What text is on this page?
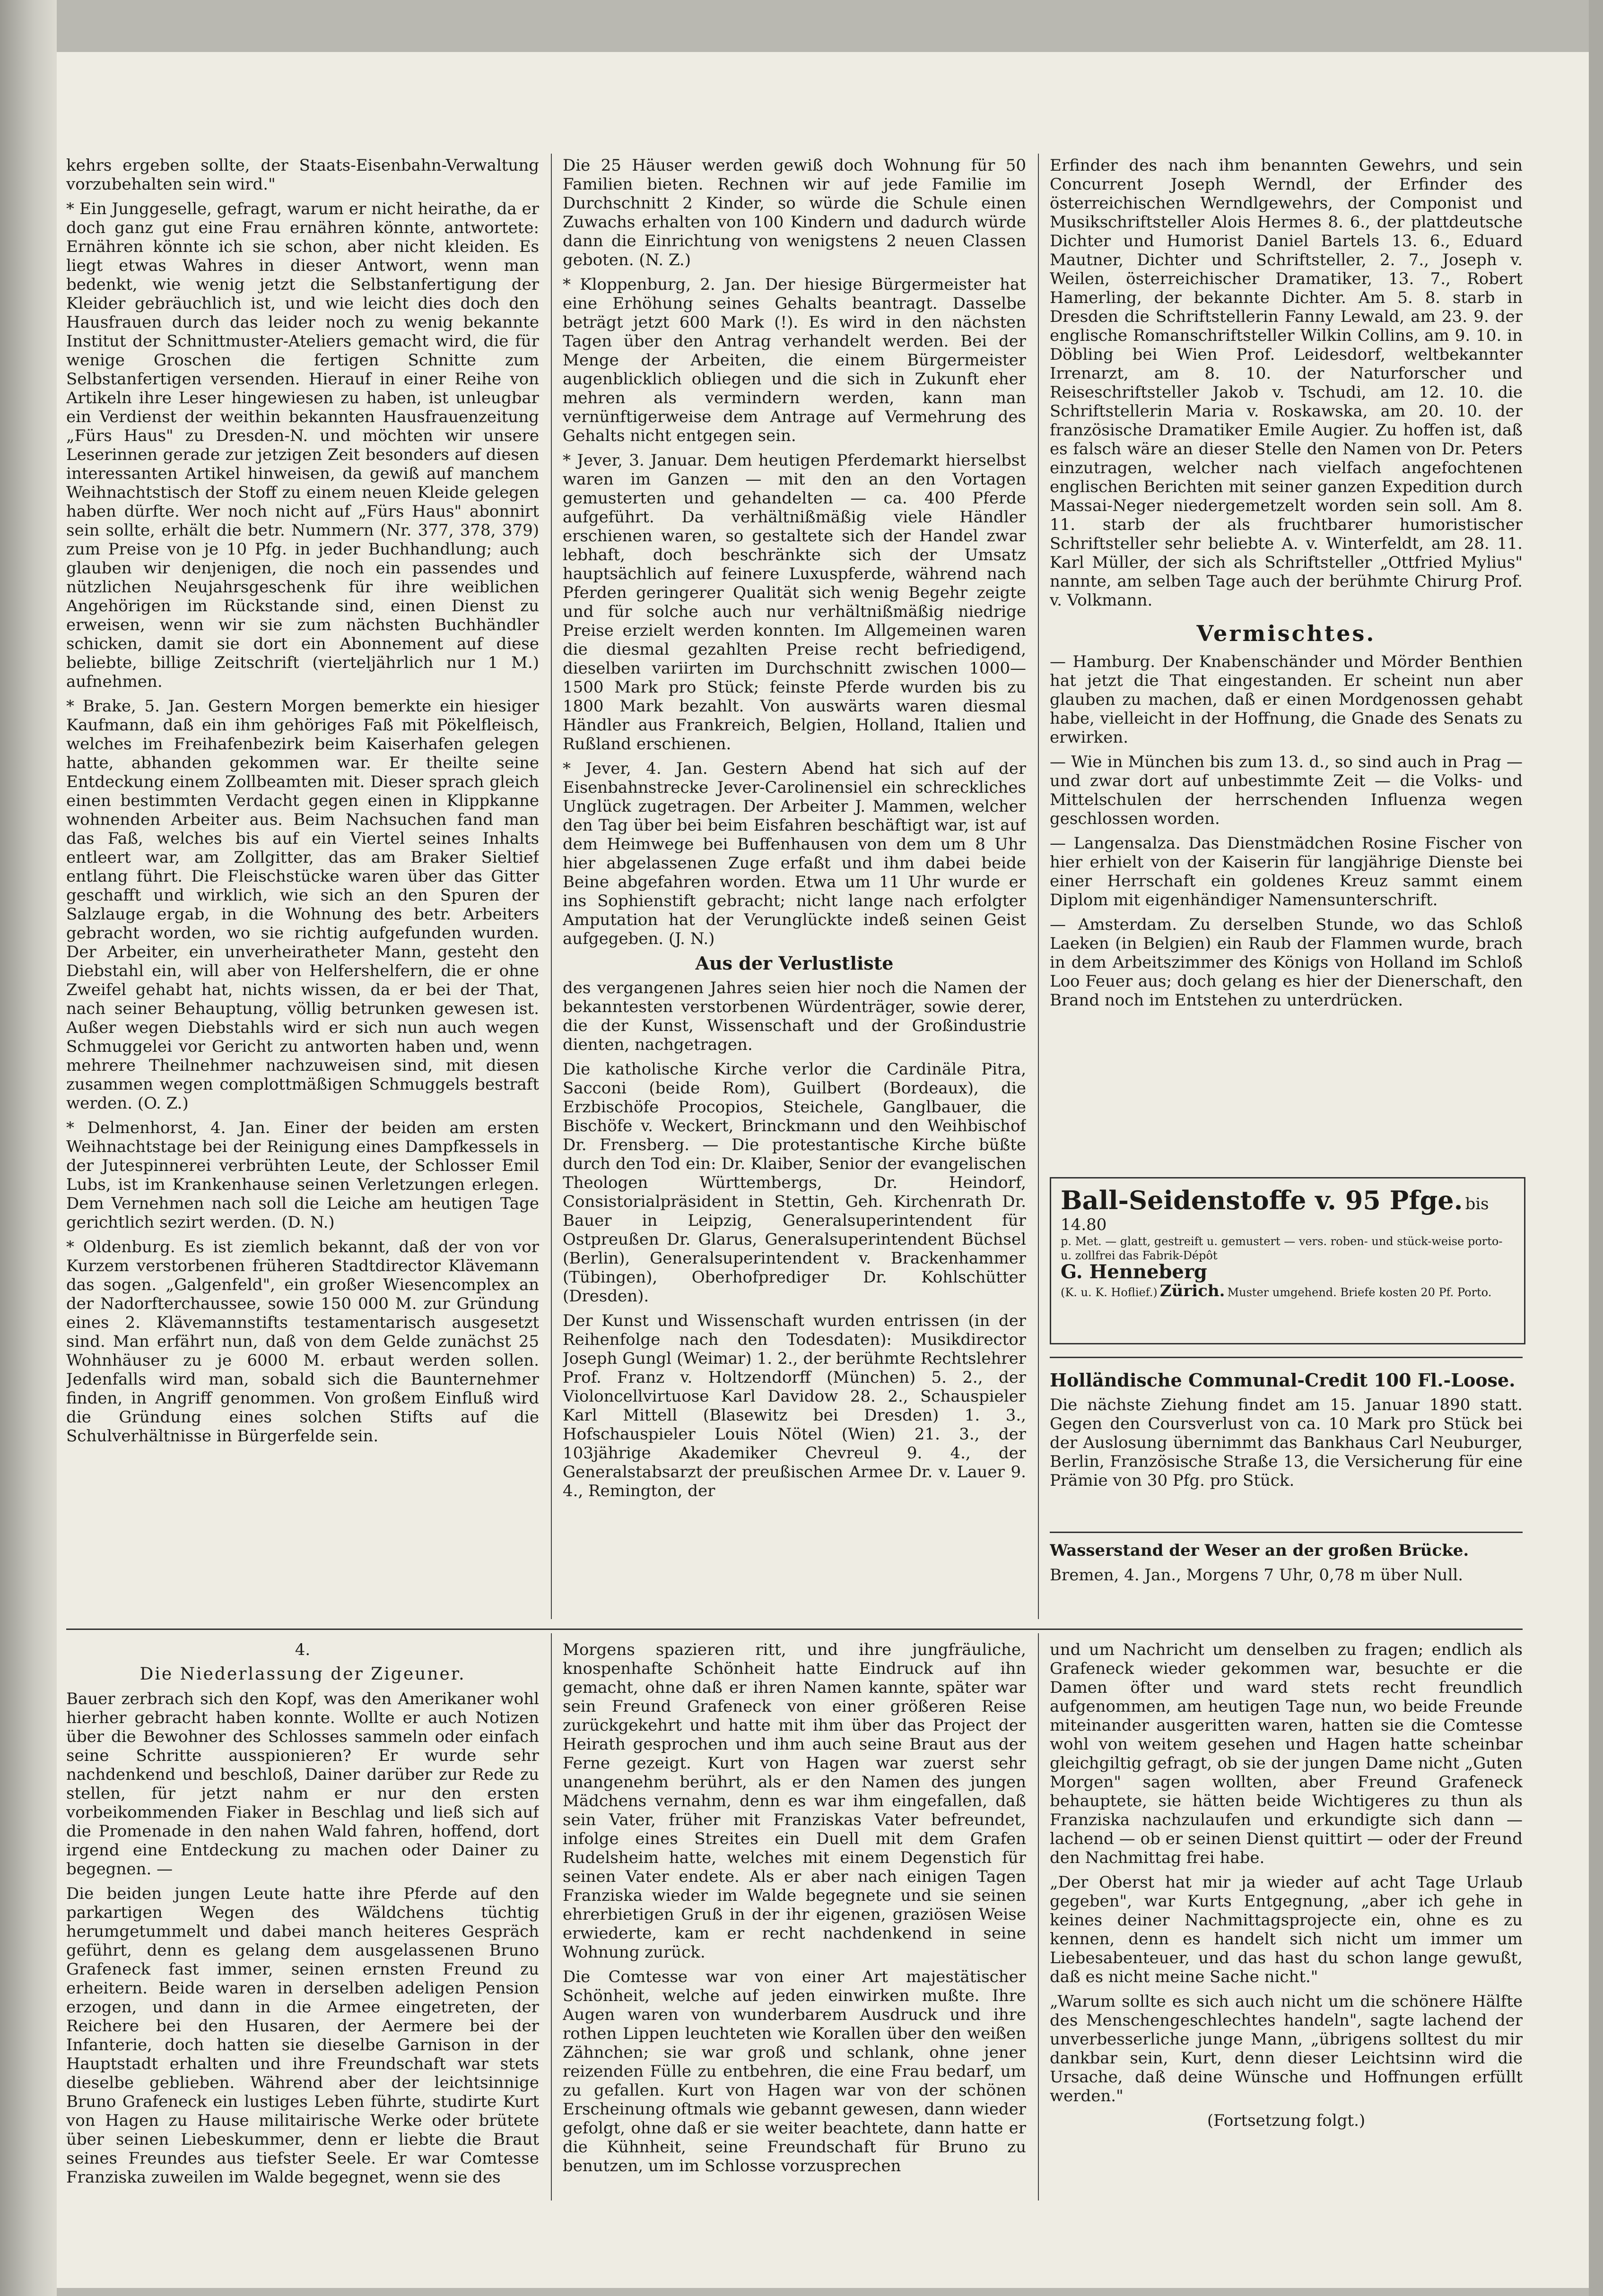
kehrs ergeben sollte, der Staats-Eisenbahn-Verwaltung vorzubehalten sein wird."

* Ein Junggeselle, gefragt, warum er nicht heirathe, da er doch ganz gut eine Frau ernähren könnte, antwortete: Ernähren könnte ich sie schon, aber nicht kleiden. Es liegt etwas Wahres in dieser Antwort, wenn man bedenkt, wie wenig jetzt die Selbstanfertigung der Kleider gebräuchlich ist, und wie leicht dies doch den Hausfrauen durch das leider noch zu wenig bekannte Institut der Schnittmuster-Ateliers gemacht wird, die für wenige Groschen die fertigen Schnitte zum Selbstanfertigen versenden. Hierauf in einer Reihe von Artikeln ihre Leser hingewiesen zu haben, ist unleugbar ein Verdienst der weithin bekannten Hausfrauenzeitung „Fürs Haus" zu Dresden-N. und möchten wir unsere Leserinnen gerade zur jetzigen Zeit besonders auf diesen interessanten Artikel hinweisen, da gewiß auf manchem Weihnachtstisch der Stoff zu einem neuen Kleide gelegen haben dürfte. Wer noch nicht auf „Fürs Haus" abonnirt sein sollte, erhält die betr. Nummern (Nr. 377, 378, 379) zum Preise von je 10 Pfg. in jeder Buchhandlung; auch glauben wir denjenigen, die noch ein passendes und nützlichen Neujahrsgeschenk für ihre weiblichen Angehörigen im Rückstande sind, einen Dienst zu erweisen, wenn wir sie zum nächsten Buchhändler schicken, damit sie dort ein Abonnement auf diese beliebte, billige Zeitschrift (vierteljährlich nur 1 M.) aufnehmen.

* Brake, 5. Jan. Gestern Morgen bemerkte ein hiesiger Kaufmann, daß ein ihm gehöriges Faß mit Pökelfleisch, welches im Freihafenbezirk beim Kaiserhafen gelegen hatte, abhanden gekommen war. Er theilte seine Entdeckung einem Zollbeamten mit. Dieser sprach gleich einen bestimmten Verdacht gegen einen in Klippkanne wohnenden Arbeiter aus. Beim Nachsuchen fand man das Faß, welches bis auf ein Viertel seines Inhalts entleert war, am Zollgitter, das am Braker Sieltief entlang führt. Die Fleischstücke waren über das Gitter geschafft und wirklich, wie sich an den Spuren der Salzlauge ergab, in die Wohnung des betr. Arbeiters gebracht worden, wo sie richtig aufgefunden wurden. Der Arbeiter, ein unverheiratheter Mann, gesteht den Diebstahl ein, will aber von Helfershelfern, die er ohne Zweifel gehabt hat, nichts wissen, da er bei der That, nach seiner Behauptung, völlig betrunken gewesen ist. Außer wegen Diebstahls wird er sich nun auch wegen Schmuggelei vor Gericht zu antworten haben und, wenn mehrere Theilnehmer nachzuweisen sind, mit diesen zusammen wegen complottmäßigen Schmuggels bestraft werden. (O. Z.)

* Delmenhorst, 4. Jan. Einer der beiden am ersten Weihnachtstage bei der Reinigung eines Dampfkessels in der Jutespinnerei verbrühten Leute, der Schlosser Emil Lubs, ist im Krankenhause seinen Verletzungen erlegen. Dem Vernehmen nach soll die Leiche am heutigen Tage gerichtlich sezirt werden. (D. N.)

* Oldenburg. Es ist ziemlich bekannt, daß der von vor Kurzem verstorbenen früheren Stadtdirector Klävemann das sogen. „Galgenfeld", ein großer Wiesencomplex an der Nadorfterchaussee, sowie 150 000 M. zur Gründung eines 2. Klävemannstifts testamentarisch ausgesetzt sind. Man erfährt nun, daß von dem Gelde zunächst 25 Wohnhäuser zu je 6000 M. erbaut werden sollen. Jedenfalls wird man, sobald sich die Baunternehmer finden, in Angriff genommen. Von großem Einfluß wird die Gründung eines solchen Stifts auf die Schulverhältnisse in Bürgerfelde sein.

Die 25 Häuser werden gewiß doch Wohnung für 50 Familien bieten. Rechnen wir auf jede Familie im Durchschnitt 2 Kinder, so würde die Schule einen Zuwachs erhalten von 100 Kindern und dadurch würde dann die Einrichtung von wenigstens 2 neuen Classen geboten. (N. Z.)

* Kloppenburg, 2. Jan. Der hiesige Bürgermeister hat eine Erhöhung seines Gehalts beantragt. Dasselbe beträgt jetzt 600 Mark (!). Es wird in den nächsten Tagen über den Antrag verhandelt werden. Bei der Menge der Arbeiten, die einem Bürgermeister augenblicklich obliegen und die sich in Zukunft eher mehren als vermindern werden, kann man vernünftigerweise dem Antrage auf Vermehrung des Gehalts nicht entgegen sein.

* Jever, 3. Januar. Dem heutigen Pferdemarkt hierselbst waren im Ganzen — mit den an den Vortagen gemusterten und gehandelten — ca. 400 Pferde aufgeführt. Da verhältnißmäßig viele Händler erschienen waren, so gestaltete sich der Handel zwar lebhaft, doch beschränkte sich der Umsatz hauptsächlich auf feinere Luxuspferde, während nach Pferden geringerer Qualität sich wenig Begehr zeigte und für solche auch nur verhältnißmäßig niedrige Preise erzielt werden konnten. Im Allgemeinen waren die diesmal gezahlten Preise recht befriedigend, dieselben variirten im Durchschnitt zwischen 1000—1500 Mark pro Stück; feinste Pferde wurden bis zu 1800 Mark bezahlt. Von auswärts waren diesmal Händler aus Frankreich, Belgien, Holland, Italien und Rußland erschienen.

* Jever, 4. Jan. Gestern Abend hat sich auf der Eisenbahnstrecke Jever-Carolinensiel ein schreckliches Unglück zugetragen. Der Arbeiter J. Mammen, welcher den Tag über bei beim Eisfahren beschäftigt war, ist auf dem Heimwege bei Buffenhausen von dem um 8 Uhr hier abgelassenen Zuge erfaßt und ihm dabei beide Beine abgefahren worden. Etwa um 11 Uhr wurde er ins Sophienstift gebracht; nicht lange nach erfolgter Amputation hat der Verunglückte indeß seinen Geist aufgegeben. (J. N.)

Aus der Verlustliste

des vergangenen Jahres seien hier noch die Namen der bekanntesten verstorbenen Würdenträger, sowie derer, die der Kunst, Wissenschaft und der Großindustrie dienten, nachgetragen.

Die katholische Kirche verlor die Cardinäle Pitra, Sacconi (beide Rom), Guilbert (Bordeaux), die Erzbischöfe Procopios, Steichele, Ganglbauer, die Bischöfe v. Weckert, Brinckmann und den Weihbischof Dr. Frensberg. — Die protestantische Kirche büßte durch den Tod ein: Dr. Klaiber, Senior der evangelischen Theologen Württembergs, Dr. Heindorf, Consistorialpräsident in Stettin, Geh. Kirchenrath Dr. Bauer in Leipzig, Generalsuperintendent für Ostpreußen Dr. Glarus, Generalsuperintendent Büchsel (Berlin), Generalsuperintendent v. Brackenhammer (Tübingen), Oberhofprediger Dr. Kohlschütter (Dresden).

Der Kunst und Wissenschaft wurden entrissen (in der Reihenfolge nach den Todesdaten): Musikdirector Joseph Gungl (Weimar) 1. 2., der berühmte Rechtslehrer Prof. Franz v. Holtzendorff (München) 5. 2., der Violoncellvirtuose Karl Davidow 28. 2., Schauspieler Karl Mittell (Blasewitz bei Dresden) 1. 3., Hofschauspieler Louis Nötel (Wien) 21. 3., der 103jährige Akademiker Chevreul 9. 4., der Generalstabsarzt der preußischen Armee Dr. v. Lauer 9. 4., Remington, der

Erfinder des nach ihm benannten Gewehrs, und sein Concurrent Joseph Werndl, der Erfinder des österreichischen Werndlgewehrs, der Componist und Musikschriftsteller Alois Hermes 8. 6., der plattdeutsche Dichter und Humorist Daniel Bartels 13. 6., Eduard Mautner, Dichter und Schriftsteller, 2. 7., Joseph v. Weilen, österreichischer Dramatiker, 13. 7., Robert Hamerling, der bekannte Dichter. Am 5. 8. starb in Dresden die Schriftstellerin Fanny Lewald, am 23. 9. der englische Romanschriftsteller Wilkin Collins, am 9. 10. in Döbling bei Wien Prof. Leidesdorf, weltbekannter Irrenarzt, am 8. 10. der Naturforscher und Reiseschriftsteller Jakob v. Tschudi, am 12. 10. die Schriftstellerin Maria v. Roskawska, am 20. 10. der französische Dramatiker Emile Augier. Zu hoffen ist, daß es falsch wäre an dieser Stelle den Namen von Dr. Peters einzutragen, welcher nach vielfach angefochtenen englischen Berichten mit seiner ganzen Expedition durch Massai-Neger niedergemetzelt worden sein soll. Am 8. 11. starb der als fruchtbarer humoristischer Schriftsteller sehr beliebte A. v. Winterfeldt, am 28. 11. Karl Müller, der sich als Schriftsteller „Ottfried Mylius" nannte, am selben Tage auch der berühmte Chirurg Prof. v. Volkmann.

Vermischtes.

— Hamburg. Der Knabenschänder und Mörder Benthien hat jetzt die That eingestanden. Er scheint nun aber glauben zu machen, daß er einen Mordgenossen gehabt habe, vielleicht in der Hoffnung, die Gnade des Senats zu erwirken.

— Wie in München bis zum 13. d., so sind auch in Prag — und zwar dort auf unbestimmte Zeit — die Volks- und Mittelschulen der herrschenden Influenza wegen geschlossen worden.

— Langensalza. Das Dienstmädchen Rosine Fischer von hier erhielt von der Kaiserin für langjährige Dienste bei einer Herrschaft ein goldenes Kreuz sammt einem Diplom mit eigenhändiger Namensunterschrift.

— Amsterdam. Zu derselben Stunde, wo das Schloß Laeken (in Belgien) ein Raub der Flammen wurde, brach in dem Arbeitszimmer des Königs von Holland im Schloß Loo Feuer aus; doch gelang es hier der Dienerschaft, den Brand noch im Entstehen zu unterdrücken.

Ball-Seidenstoffe v. 95 Pfge. bis 14.80
p. Met. — glatt, gestreift u. gemustert — vers. roben- und stück-weise porto- u. zollfrei das Fabrik-Dépôt
G. Henneberg
(K. u. K. Hoflief.) Zürich. Muster umgehend. Briefe kosten 20 Pf. Porto.

Holländische Communal-Credit 100 Fl.-Loose.

Die nächste Ziehung findet am 15. Januar 1890 statt. Gegen den Coursverlust von ca. 10 Mark pro Stück bei der Auslosung übernimmt das Bankhaus Carl Neuburger, Berlin, Französische Straße 13, die Versicherung für eine Prämie von 30 Pfg. pro Stück.

Wasserstand der Weser an der großen Brücke.

Bremen, 4. Jan., Morgens 7 Uhr, 0,78 m über Null.

4.

Die Niederlassung der Zigeuner.

Bauer zerbrach sich den Kopf, was den Amerikaner wohl hierher gebracht haben konnte. Wollte er auch Notizen über die Bewohner des Schlosses sammeln oder einfach seine Schritte ausspionieren? Er wurde sehr nachdenkend und beschloß, Dainer darüber zur Rede zu stellen, für jetzt nahm er nur den ersten vorbeikommenden Fiaker in Beschlag und ließ sich auf die Promenade in den nahen Wald fahren, hoffend, dort irgend eine Entdeckung zu machen oder Dainer zu begegnen. —

Die beiden jungen Leute hatte ihre Pferde auf den parkartigen Wegen des Wäldchens tüchtig herumgetummelt und dabei manch heiteres Gespräch geführt, denn es gelang dem ausgelassenen Bruno Grafeneck fast immer, seinen ernsten Freund zu erheitern. Beide waren in derselben adeligen Pension erzogen, und dann in die Armee eingetreten, der Reichere bei den Husaren, der Aermere bei der Infanterie, doch hatten sie dieselbe Garnison in der Hauptstadt erhalten und ihre Freundschaft war stets dieselbe geblieben. Während aber der leichtsinnige Bruno Grafeneck ein lustiges Leben führte, studirte Kurt von Hagen zu Hause militairische Werke oder brütete über seinen Liebeskummer, denn er liebte die Braut seines Freundes aus tiefster Seele. Er war Comtesse Franziska zuweilen im Walde begegnet, wenn sie des

Morgens spazieren ritt, und ihre jungfräuliche, knospenhafte Schönheit hatte Eindruck auf ihn gemacht, ohne daß er ihren Namen kannte, später war sein Freund Grafeneck von einer größeren Reise zurückgekehrt und hatte mit ihm über das Project der Heirath gesprochen und ihm auch seine Braut aus der Ferne gezeigt. Kurt von Hagen war zuerst sehr unangenehm berührt, als er den Namen des jungen Mädchens vernahm, denn es war ihm eingefallen, daß sein Vater, früher mit Franziskas Vater befreundet, infolge eines Streites ein Duell mit dem Grafen Rudelsheim hatte, welches mit einem Degenstich für seinen Vater endete. Als er aber nach einigen Tagen Franziska wieder im Walde begegnete und sie seinen ehrerbietigen Gruß in der ihr eigenen, graziösen Weise erwiederte, kam er recht nachdenkend in seine Wohnung zurück.

Die Comtesse war von einer Art majestätischer Schönheit, welche auf jeden einwirken mußte. Ihre Augen waren von wunderbarem Ausdruck und ihre rothen Lippen leuchteten wie Korallen über den weißen Zähnchen; sie war groß und schlank, ohne jener reizenden Fülle zu entbehren, die eine Frau bedarf, um zu gefallen. Kurt von Hagen war von der schönen Erscheinung oftmals wie gebannt gewesen, dann wieder gefolgt, ohne daß er sie weiter beachtete, dann hatte er die Kühnheit, seine Freundschaft für Bruno zu benutzen, um im Schlosse vorzusprechen

und um Nachricht um denselben zu fragen; endlich als Grafeneck wieder gekommen war, besuchte er die Damen öfter und ward stets recht freundlich aufgenommen, am heutigen Tage nun, wo beide Freunde miteinander ausgeritten waren, hatten sie die Comtesse wohl von weitem gesehen und Hagen hatte scheinbar gleichgiltig gefragt, ob sie der jungen Dame nicht „Guten Morgen" sagen wollten, aber Freund Grafeneck behauptete, sie hätten beide Wichtigeres zu thun als Franziska nachzulaufen und erkundigte sich dann — lachend — ob er seinen Dienst quittirt — oder der Freund den Nachmittag frei habe.

„Der Oberst hat mir ja wieder auf acht Tage Urlaub gegeben", war Kurts Entgegnung, „aber ich gehe in keines deiner Nachmittagsprojecte ein, ohne es zu kennen, denn es handelt sich nicht um immer um Liebesabenteuer, und das hast du schon lange gewußt, daß es nicht meine Sache nicht."

„Warum sollte es sich auch nicht um die schönere Hälfte des Menschengeschlechtes handeln", sagte lachend der unverbesserliche junge Mann, „übrigens solltest du mir dankbar sein, Kurt, denn dieser Leichtsinn wird die Ursache, daß deine Wünsche und Hoffnungen erfüllt werden."

(Fortsetzung folgt.)
